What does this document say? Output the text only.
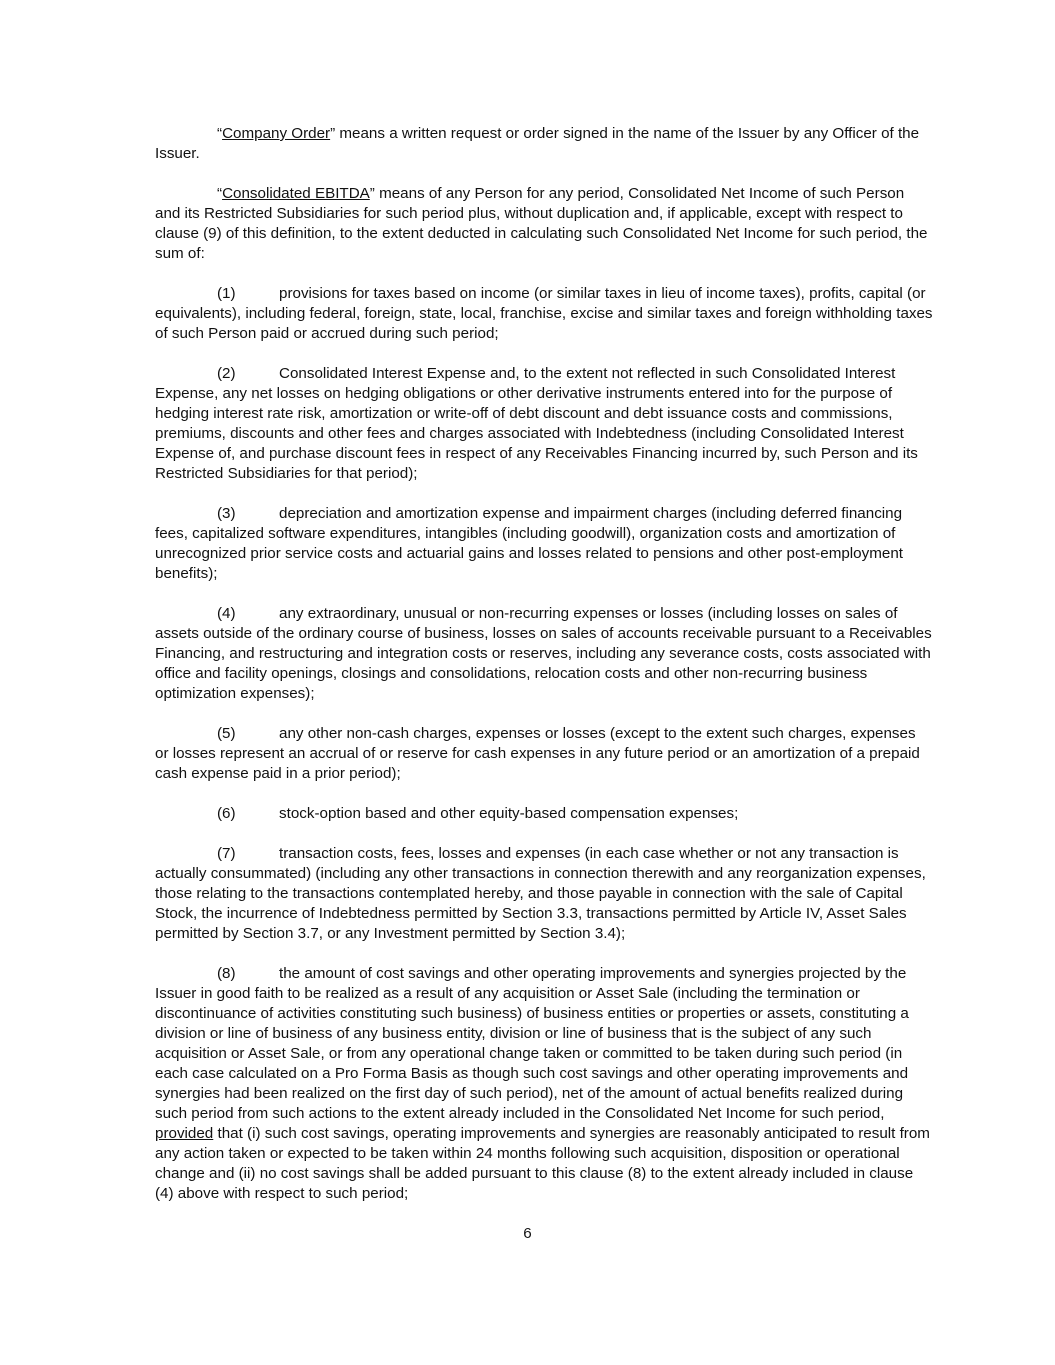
“Company Order” means a written request or order signed in the name of the Issuer by any Officer of the Issuer.

“Consolidated EBITDA” means of any Person for any period, Consolidated Net Income of such Person and its Restricted Subsidiaries for such period plus, without duplication and, if applicable, except with respect to clause (9) of this definition, to the extent deducted in calculating such Consolidated Net Income for such period, the sum of:

(1)	provisions for taxes based on income (or similar taxes in lieu of income taxes), profits, capital (or equivalents), including federal, foreign, state, local, franchise, excise and similar taxes and foreign withholding taxes of such Person paid or accrued during such period;

(2)	Consolidated Interest Expense and, to the extent not reflected in such Consolidated Interest Expense, any net losses on hedging obligations or other derivative instruments entered into for the purpose of hedging interest rate risk, amortization or write-off of debt discount and debt issuance costs and commissions, premiums, discounts and other fees and charges associated with Indebtedness (including Consolidated Interest Expense of, and purchase discount fees in respect of any Receivables Financing incurred by, such Person and its Restricted Subsidiaries for that period);

(3)	depreciation and amortization expense and impairment charges (including deferred financing fees, capitalized software expenditures, intangibles (including goodwill), organization costs and amortization of unrecognized prior service costs and actuarial gains and losses related to pensions and other post-employment benefits);

(4)	any extraordinary, unusual or non-recurring expenses or losses (including losses on sales of assets outside of the ordinary course of business, losses on sales of accounts receivable pursuant to a Receivables Financing, and restructuring and integration costs or reserves, including any severance costs, costs associated with office and facility openings, closings and consolidations, relocation costs and other non-recurring business optimization expenses);

(5)	any other non-cash charges, expenses or losses (except to the extent such charges, expenses or losses represent an accrual of or reserve for cash expenses in any future period or an amortization of a prepaid cash expense paid in a prior period);

(6)	stock-option based and other equity-based compensation expenses;

(7)	transaction costs, fees, losses and expenses (in each case whether or not any transaction is actually consummated) (including any other transactions in connection therewith and any reorganization expenses, those relating to the transactions contemplated hereby, and those payable in connection with the sale of Capital Stock, the incurrence of Indebtedness permitted by Section 3.3, transactions permitted by Article IV, Asset Sales permitted by Section 3.7, or any Investment permitted by Section 3.4);

(8)	the amount of cost savings and other operating improvements and synergies projected by the Issuer in good faith to be realized as a result of any acquisition or Asset Sale (including the termination or discontinuance of activities constituting such business) of business entities or properties or assets, constituting a division or line of business of any business entity, division or line of business that is the subject of any such acquisition or Asset Sale, or from any operational change taken or committed to be taken during such period (in each case calculated on a Pro Forma Basis as though such cost savings and other operating improvements and synergies had been realized on the first day of such period), net of the amount of actual benefits realized during such period from such actions to the extent already included in the Consolidated Net Income for such period, provided that (i) such cost savings, operating improvements and synergies are reasonably anticipated to result from any action taken or expected to be taken within 24 months following such acquisition, disposition or operational change and (ii) no cost savings shall be added pursuant to this clause (8) to the extent already included in clause (4) above with respect to such period;

6
